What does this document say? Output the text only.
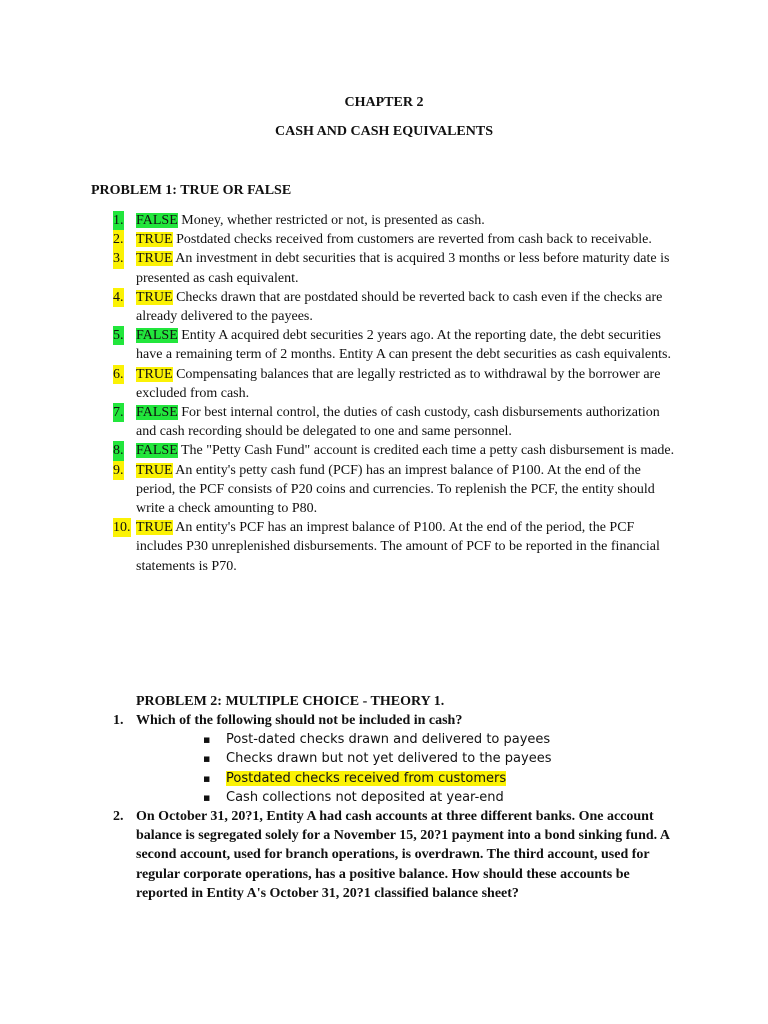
CHAPTER 2
CASH AND CASH EQUIVALENTS
PROBLEM 1: TRUE OR FALSE
1. FALSE Money, whether restricted or not, is presented as cash.
2. TRUE Postdated checks received from customers are reverted from cash back to receivable.
3. TRUE An investment in debt securities that is acquired 3 months or less before maturity date is presented as cash equivalent.
4. TRUE Checks drawn that are postdated should be reverted back to cash even if the checks are already delivered to the payees.
5. FALSE Entity A acquired debt securities 2 years ago. At the reporting date, the debt securities have a remaining term of 2 months. Entity A can present the debt securities as cash equivalents.
6. TRUE Compensating balances that are legally restricted as to withdrawal by the borrower are excluded from cash.
7. FALSE For best internal control, the duties of cash custody, cash disbursements authorization and cash recording should be delegated to one and same personnel.
8. FALSE The "Petty Cash Fund" account is credited each time a petty cash disbursement is made.
9. TRUE An entity's petty cash fund (PCF) has an imprest balance of P100. At the end of the period, the PCF consists of P20 coins and currencies. To replenish the PCF, the entity should write a check amounting to P80.
10. TRUE An entity's PCF has an imprest balance of P100. At the end of the period, the PCF includes P30 unreplenished disbursements. The amount of PCF to be reported in the financial statements is P70.
PROBLEM 2: MULTIPLE CHOICE - THEORY 1.
1. Which of the following should not be included in cash?
▪ Post-dated checks drawn and delivered to payees
▪ Checks drawn but not yet delivered to the payees
▪ Postdated checks received from customers
▪ Cash collections not deposited at year-end
2. On October 31, 20?1, Entity A had cash accounts at three different banks. One account balance is segregated solely for a November 15, 20?1 payment into a bond sinking fund. A second account, used for branch operations, is overdrawn. The third account, used for regular corporate operations, has a positive balance. How should these accounts be reported in Entity A's October 31, 20?1 classified balance sheet?
